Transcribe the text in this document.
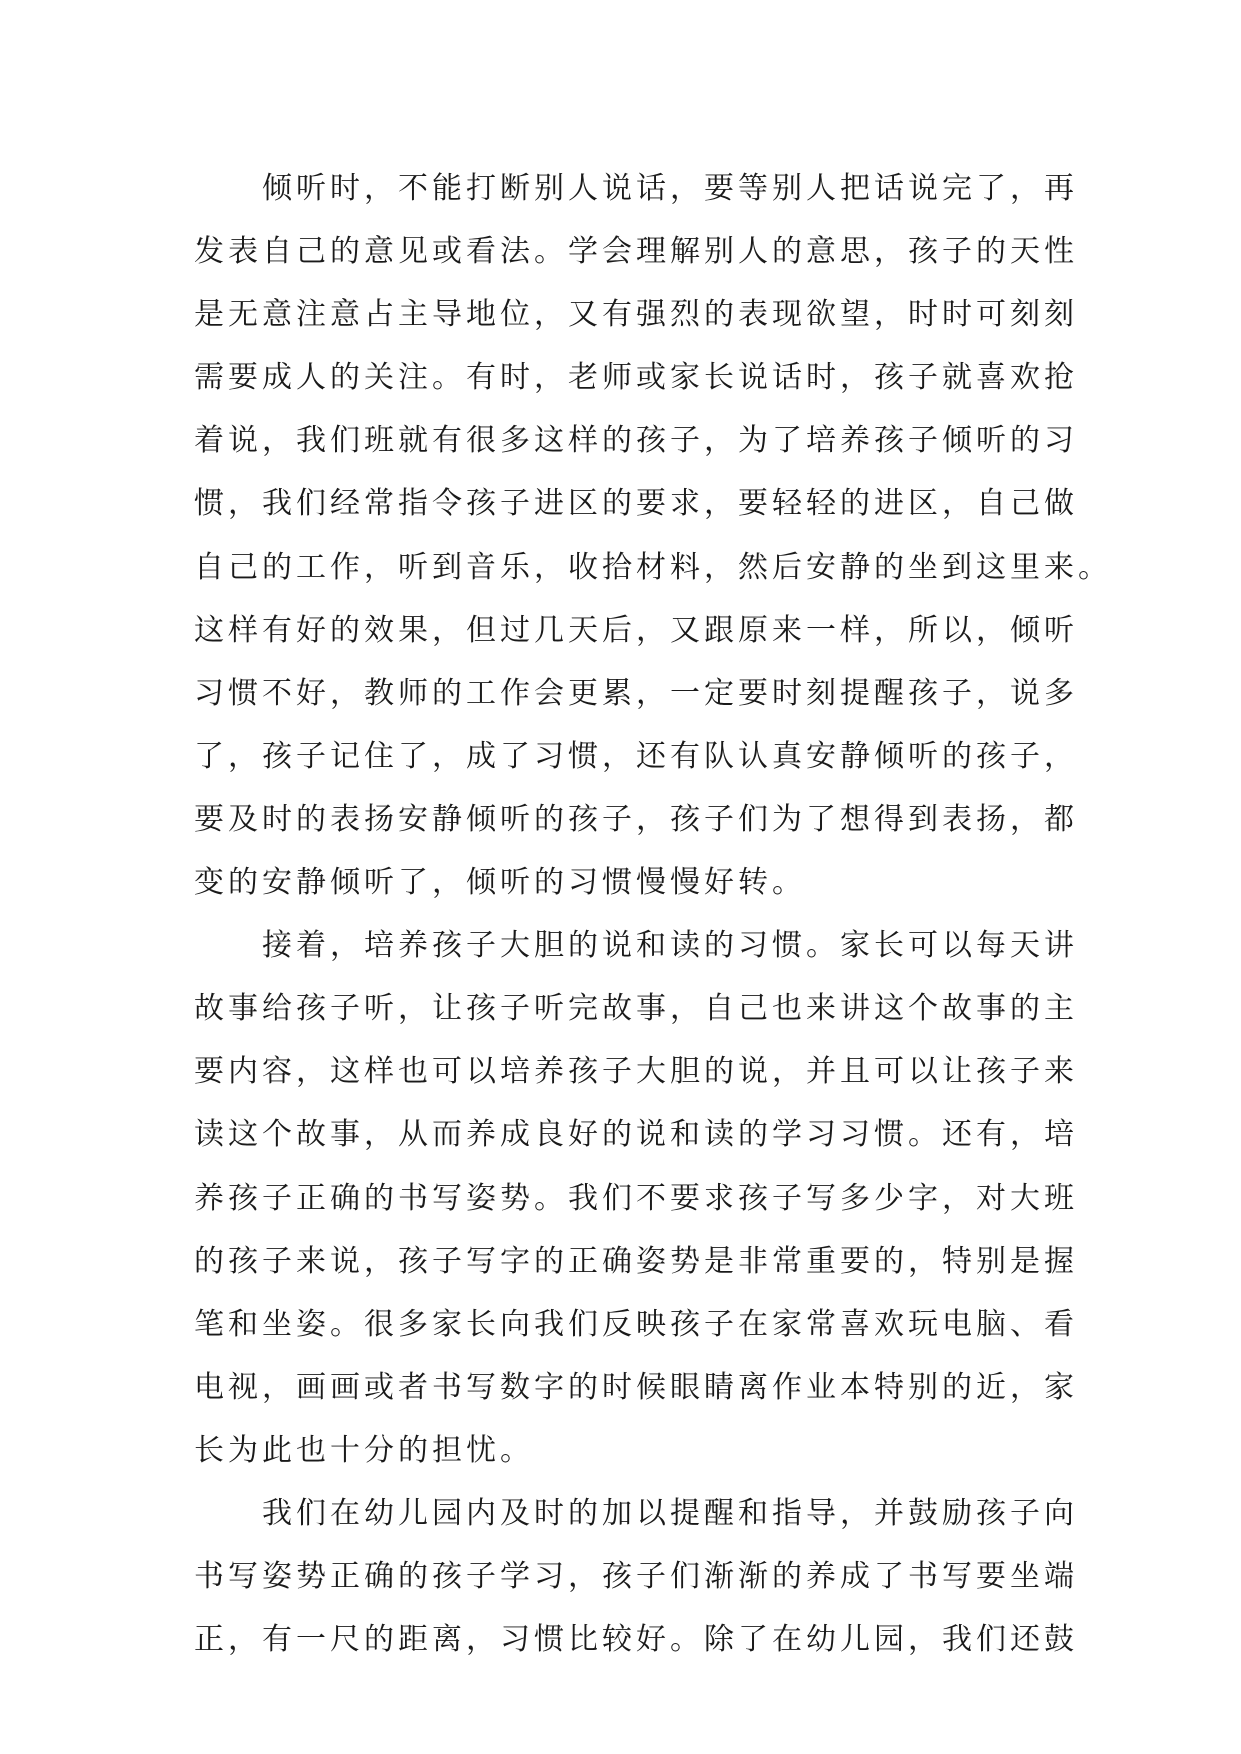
　　倾听时，不能打断别人说话，要等别人把话说完了，再
发表自己的意见或看法。学会理解别人的意思，孩子的天性
是无意注意占主导地位，又有强烈的表现欲望，时时可刻刻
需要成人的关注。有时，老师或家长说话时，孩子就喜欢抢
着说，我们班就有很多这样的孩子，为了培养孩子倾听的习
惯，我们经常指令孩子进区的要求，要轻轻的进区，自己做
自己的工作，听到音乐，收拾材料，然后安静的坐到这里来。
这样有好的效果，但过几天后，又跟原来一样，所以，倾听
习惯不好，教师的工作会更累，一定要时刻提醒孩子，说多
了，孩子记住了，成了习惯，还有队认真安静倾听的孩子，
要及时的表扬安静倾听的孩子，孩子们为了想得到表扬，都
变的安静倾听了，倾听的习惯慢慢好转。
　　接着，培养孩子大胆的说和读的习惯。家长可以每天讲
故事给孩子听，让孩子听完故事，自己也来讲这个故事的主
要内容，这样也可以培养孩子大胆的说，并且可以让孩子来
读这个故事，从而养成良好的说和读的学习习惯。还有，培
养孩子正确的书写姿势。我们不要求孩子写多少字，对大班
的孩子来说，孩子写字的正确姿势是非常重要的，特别是握
笔和坐姿。很多家长向我们反映孩子在家常喜欢玩电脑、看
电视，画画或者书写数字的时候眼睛离作业本特别的近，家
长为此也十分的担忧。
　　我们在幼儿园内及时的加以提醒和指导，并鼓励孩子向
书写姿势正确的孩子学习，孩子们渐渐的养成了书写要坐端
正，有一尺的距离，习惯比较好。除了在幼儿园，我们还鼓
